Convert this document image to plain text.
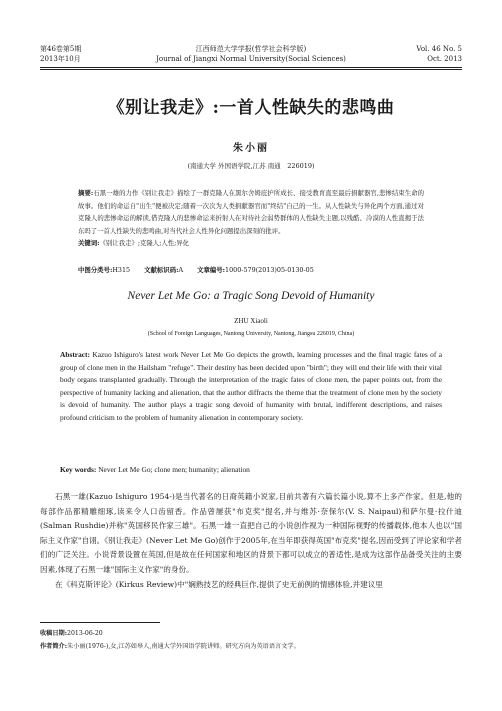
第46卷第5期
2013年10月
江西师范大学学报(哲学社会科学版)
Journal of Jiangxi Normal University(Social Sciences)
Vol. 46 No. 5
Oct. 2013
《别让我走》:一首人性缺失的悲鸣曲
朱小丽
(南通大学 外国语学院,江苏 南通　226019)
摘要:石黑一雄的力作《别让我走》描绘了一群克隆人在黑尔舍姆庇护所成长、接受教育直至最后捐献器官,悲惨结束生命的故事。他们的命运自"出生"便被决定;随着一次次为人类捐献器官而"终结"自己的一生。从人性缺失与异化两个方面,通过对克隆人的悲惨命运的解读,借克隆人的悲惨命运来折射人在对待社会弱势群体的人性缺失主题,以残酷、冷漠的人性直揭于法东吗了一首人性缺失的悲鸣曲,对当代社会人性异化问题提出深刻的批评。
关键词:《别让我走》;克隆人;人性;异化
中图分类号:H315 文献标识码:A 文章编号:1000-579(2013)05-0130-05
Never Let Me Go: a Tragic Song Devoid of Humanity
ZHU Xiaoli
(School of Foreign Languages, Nantong University, Nantong, Jiangsu 226019, China)
Abstract: Kazuo Ishiguro's latest work Never Let Me Go depicts the growth, learning processes and the final tragic fates of a group of clone men in the Hailsham "refuge". Their destiny has been decided upon "birth"; they will end their life with their vital body organs transplanted gradually. Through the interpretation of the tragic fates of clone men, the paper points out, from the perspective of humanity lacking and alienation, that the author diffracts the theme that the treatment of clone men by the society is devoid of humanity. The author plays a tragic song devoid of humanity with brutal, indifferent descriptions, and raises profound criticism to the problem of humanity alienation in contemporary society.
Key words: Never Let Me Go; clone men; humanity; alienation

石黑一雄(Kazuo Ishiguro 1954-)是当代著名的日裔英籍小说家,目前共著有六篇长篇小说,算不上多产作家。但是,他的每部作品都精雕细琢,读来令人口齿留香。作品曾屡获"布克奖"提名,并与维苏·奈保尔(V. S. Naipaul)和萨尔曼·拉什迪(Salman Rushdie)并称"英国移民作家三雄"。石黑一雄一直把自己的小说创作视为一种国际视野的传播载体,他本人也以"国际主义作家"自诩。《别让我走》(Never Let Me Go)创作于2005年,在当年即获得英国"布克奖"提名,因而受到了评论家和学者们的广泛关注。小说背景设置在英国,但是故在任何国家和地区的背景下都可以成立的普适性,是成为这部作品备受关注的主要因素,体现了石黑一雄"国际主义作家"的身份。

在《科克斯评论》(Kirkus Review)中"娴熟技艺的经典巨作,提供了史无前例的情感体验,并建议里

收稿日期:2013-06-20
作者简介:朱小丽(1976-),女,江苏如皋人,南通大学外国语学院讲师。研究方向为英语语言文学。
